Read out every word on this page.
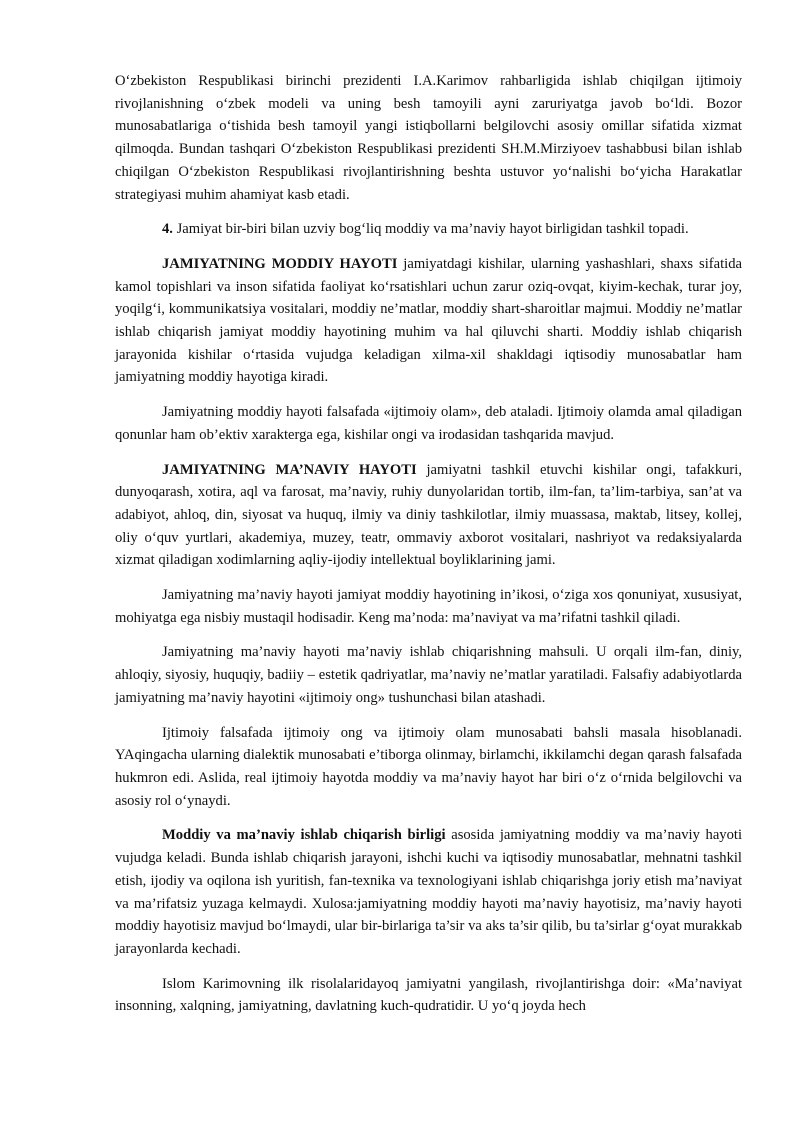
O‘zbekiston Respublikasi birinchi prezidenti I.A.Karimov rahbarligida ishlab chiqilgan ijtimoiy rivojlanishning o‘zbek modeli va uning besh tamoyili ayni zaruriyatga javob bo‘ldi. Bozor munosabatlariga o‘tishida besh tamoyil yangi istiqbollarni belgilovchi asosiy omillar sifatida xizmat qilmoqda. Bundan tashqari O‘zbekiston Respublikasi prezidenti SH.M.Mirziyoev tashabbusi bilan ishlab chiqilgan O‘zbekiston Respublikasi rivojlantirishning beshta ustuvor yo‘nalishi bo‘yicha Harakatlar strategiyasi muhim ahamiyat kasb etadi.

4. Jamiyat bir-biri bilan uzviy bog‘liq moddiy va ma’naviy hayot birligidan tashkil topadi.

JAMIYATNING MODDIY HAYOTI jamiyatdagi kishilar, ularning yashashlari, shaxs sifatida kamol topishlari va inson sifatida faoliyat ko‘rsatishlari uchun zarur oziq-ovqat, kiyim-kechak, turar joy, yoqilg‘i, kommunikatsiya vositalari, moddiy ne’matlar, moddiy shart-sharoitlar majmui. Moddiy ne’matlar ishlab chiqarish jamiyat moddiy hayotining muhim va hal qiluvchi sharti. Moddiy ishlab chiqarish jarayonida kishilar o‘rtasida vujudga keladigan xilma-xil shakldagi iqtisodiy munosabatlar ham jamiyatning moddiy hayotiga kiradi.

Jamiyatning moddiy hayoti falsafada «ijtimoiy olam», deb ataladi. Ijtimoiy olamda amal qiladigan qonunlar ham ob’ektiv xarakterga ega, kishilar ongi va irodasidan tashqarida mavjud.

JAMIYATNING MA’NAVIY HAYOTI jamiyatni tashkil etuvchi kishilar ongi, tafakkuri, dunyoqarash, xotira, aql va farosat, ma’naviy, ruhiy dunyolaridan tortib, ilm-fan, ta’lim-tarbiya, san’at va adabiyot, ahloq, din, siyosat va huquq, ilmiy va diniy tashkilotlar, ilmiy muassasa, maktab, litsey, kollej, oliy o‘quv yurtlari, akademiya, muzey, teatr, ommaviy axborot vositalari, nashriyot va redaksiyalarda xizmat qiladigan xodimlarning aqliy-ijodiy intellektual boyliklarining jami.

Jamiyatning ma’naviy hayoti jamiyat moddiy hayotining in’ikosi, o‘ziga xos qonuniyat, xususiyat, mohiyatga ega nisbiy mustaqil hodisadir. Keng ma’noda: ma’naviyat va ma’rifatni tashkil qiladi.

Jamiyatning ma’naviy hayoti ma’naviy ishlab chiqarishning mahsuli. U orqali ilm-fan, diniy, ahloqiy, siyosiy, huquqiy, badiiy – estetik qadriyatlar, ma’naviy ne’matlar yaratiladi. Falsafiy adabiyotlarda jamiyatning ma’naviy hayotini «ijtimoiy ong» tushunchasi bilan atashadi.

Ijtimoiy falsafada ijtimoiy ong va ijtimoiy olam munosabati bahsli masala hisoblanadi. YAqingacha ularning dialektik munosabati e’tiborga olinmay, birlamchi, ikkilamchi degan qarash falsafada hukmron edi. Aslida, real ijtimoiy hayotda moddiy va ma’naviy hayot har biri o‘z o‘rnida belgilovchi va asosiy rol o‘ynaydi.

Moddiy va ma’naviy ishlab chiqarish birligi asosida jamiyatning moddiy va ma’naviy hayoti vujudga keladi. Bunda ishlab chiqarish jarayoni, ishchi kuchi va iqtisodiy munosabatlar, mehnatni tashkil etish, ijodiy va oqilona ish yuritish, fan-texnika va texnologiyani ishlab chiqarishga joriy etish ma’naviyat va ma’rifatsiz yuzaga kelmaydi. Xulosa:jamiyatning moddiy hayoti ma’naviy hayotisiz, ma’naviy hayoti moddiy hayotisiz mavjud bo‘lmaydi, ular bir-birlariga ta’sir va aks ta’sir qilib, bu ta’sirlar g‘oyat murakkab jarayonlarda kechadi.

Islom Karimovning ilk risolalaridayoq jamiyatni yangilash, rivojlantirishga doir: «Ma’naviyat insonning, xalqning, jamiyatning, davlatning kuch-qudratidir. U yo‘q joyda hech
